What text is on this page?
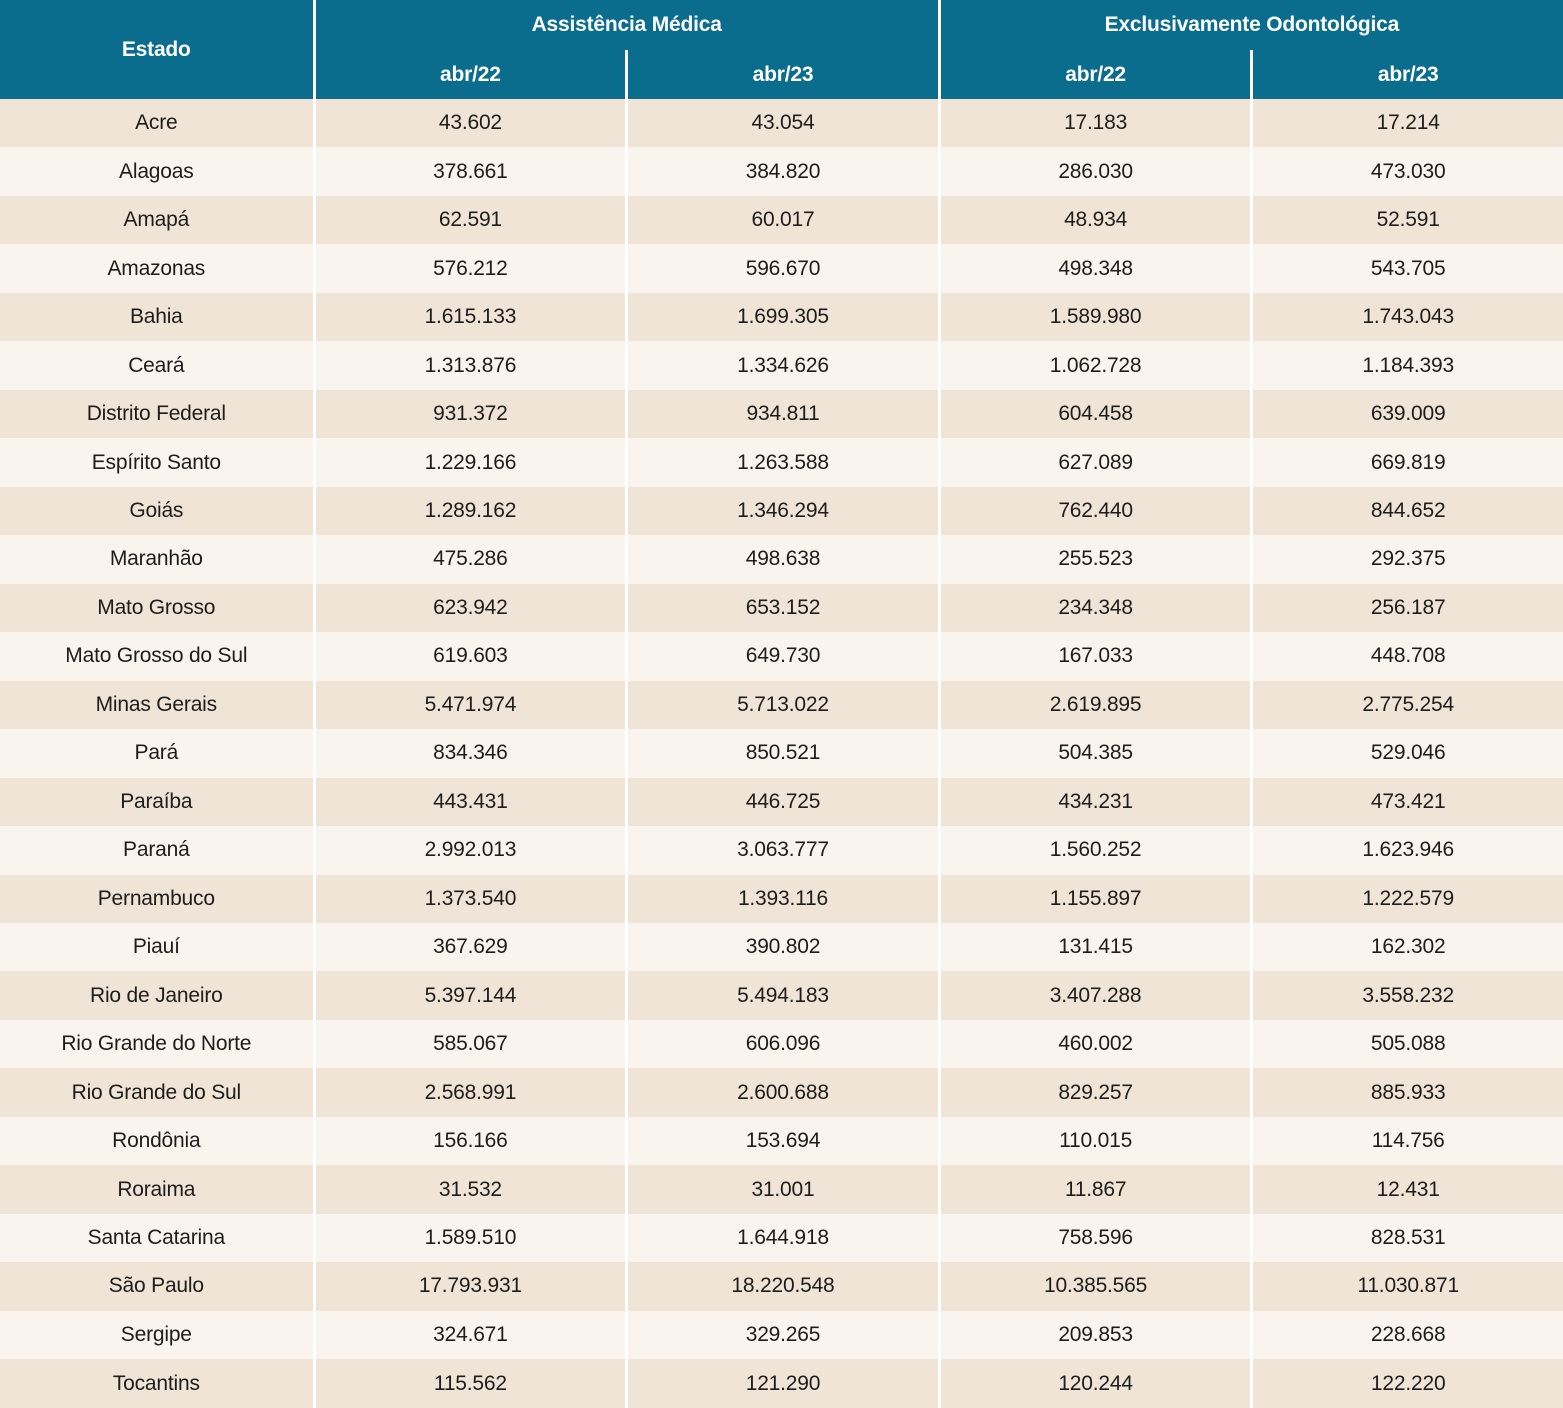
Estado	Assistência Médica		Exclusivamente Odontológica	
	abr/22	abr/23	abr/22	abr/23
Acre	43.602	43.054	17.183	17.214
Alagoas	378.661	384.820	286.030	473.030
Amapá	62.591	60.017	48.934	52.591
Amazonas	576.212	596.670	498.348	543.705
Bahia	1.615.133	1.699.305	1.589.980	1.743.043
Ceará	1.313.876	1.334.626	1.062.728	1.184.393
Distrito Federal	931.372	934.811	604.458	639.009
Espírito Santo	1.229.166	1.263.588	627.089	669.819
Goiás	1.289.162	1.346.294	762.440	844.652
Maranhão	475.286	498.638	255.523	292.375
Mato Grosso	623.942	653.152	234.348	256.187
Mato Grosso do Sul	619.603	649.730	167.033	448.708
Minas Gerais	5.471.974	5.713.022	2.619.895	2.775.254
Pará	834.346	850.521	504.385	529.046
Paraíba	443.431	446.725	434.231	473.421
Paraná	2.992.013	3.063.777	1.560.252	1.623.946
Pernambuco	1.373.540	1.393.116	1.155.897	1.222.579
Piauí	367.629	390.802	131.415	162.302
Rio de Janeiro	5.397.144	5.494.183	3.407.288	3.558.232
Rio Grande do Norte	585.067	606.096	460.002	505.088
Rio Grande do Sul	2.568.991	2.600.688	829.257	885.933
Rondônia	156.166	153.694	110.015	114.756
Roraima	31.532	31.001	11.867	12.431
Santa Catarina	1.589.510	1.644.918	758.596	828.531
São Paulo	17.793.931	18.220.548	10.385.565	11.030.871
Sergipe	324.671	329.265	209.853	228.668
Tocantins	115.562	121.290	120.244	122.220
